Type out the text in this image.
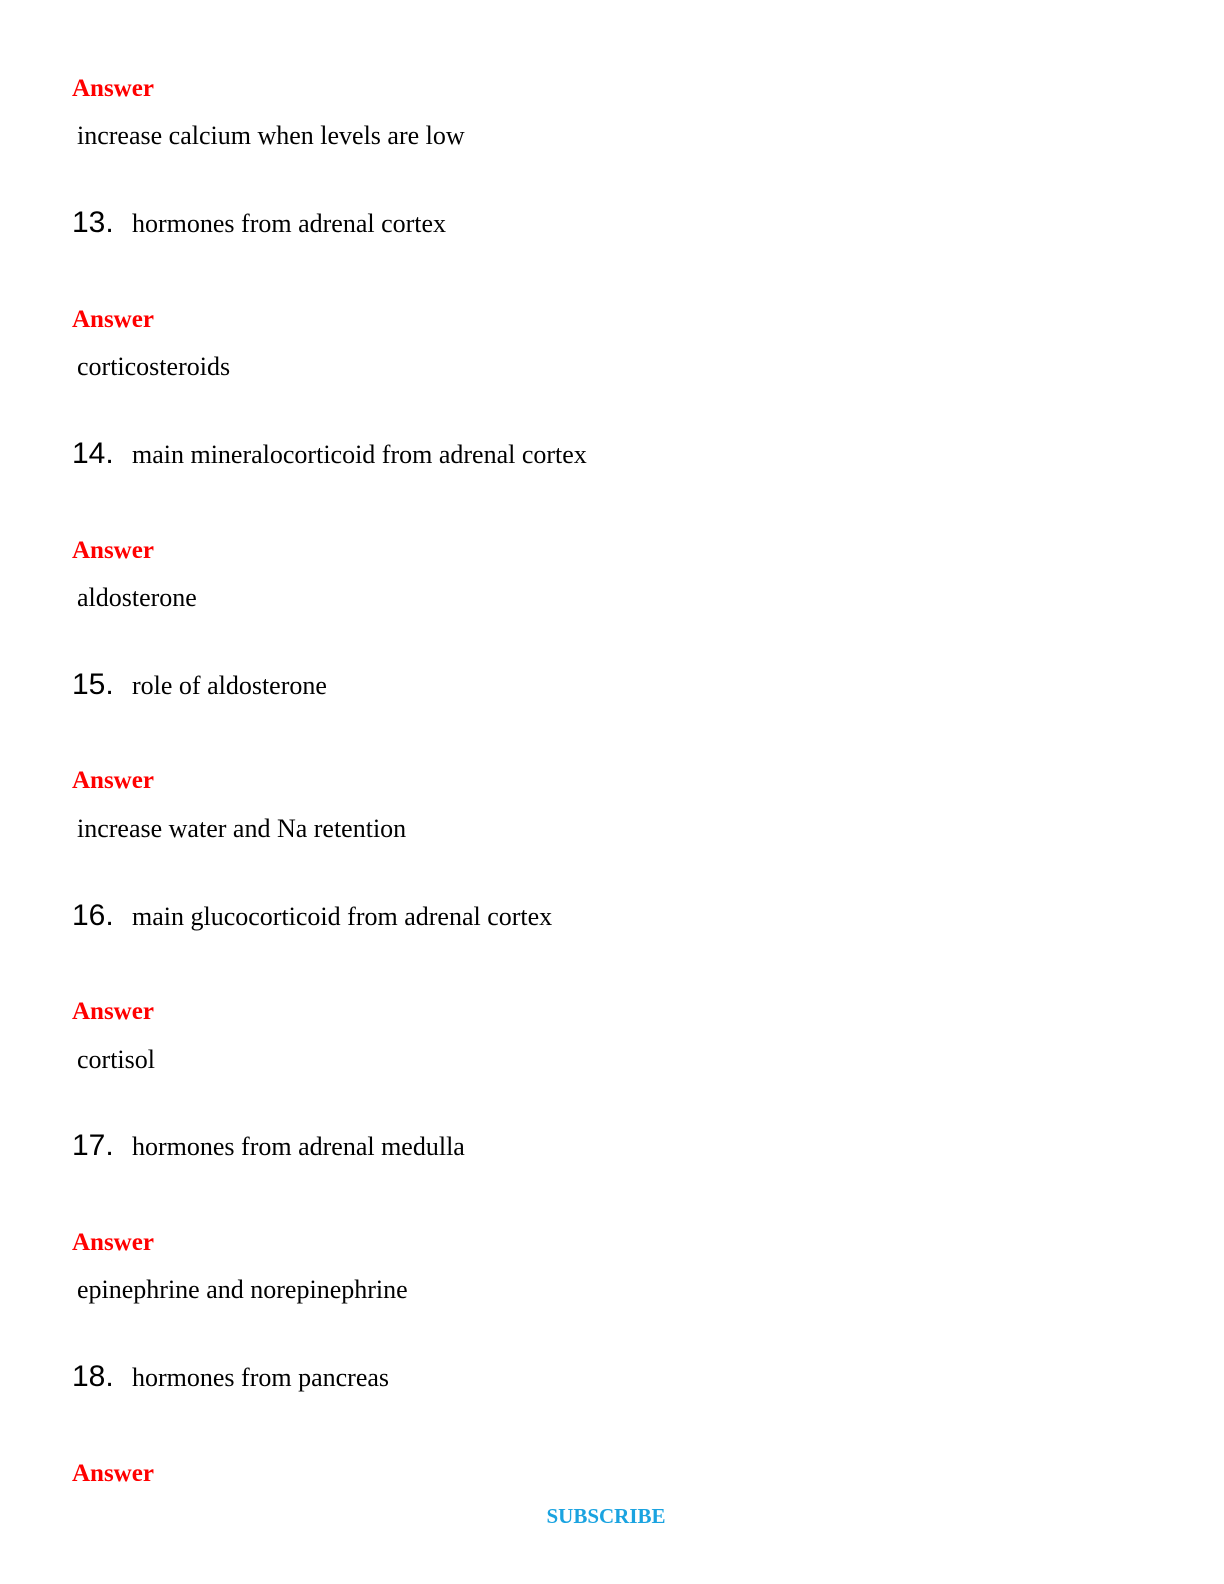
Answer
increase calcium when levels are low
13. hormones from adrenal cortex
Answer
corticosteroids
14. main mineralocorticoid from adrenal cortex
Answer
aldosterone
15. role of aldosterone
Answer
increase water and Na retention
16. main glucocorticoid from adrenal cortex
Answer
cortisol
17. hormones from adrenal medulla
Answer
epinephrine and norepinephrine
18. hormones from pancreas
Answer
SUBSCRIBE
